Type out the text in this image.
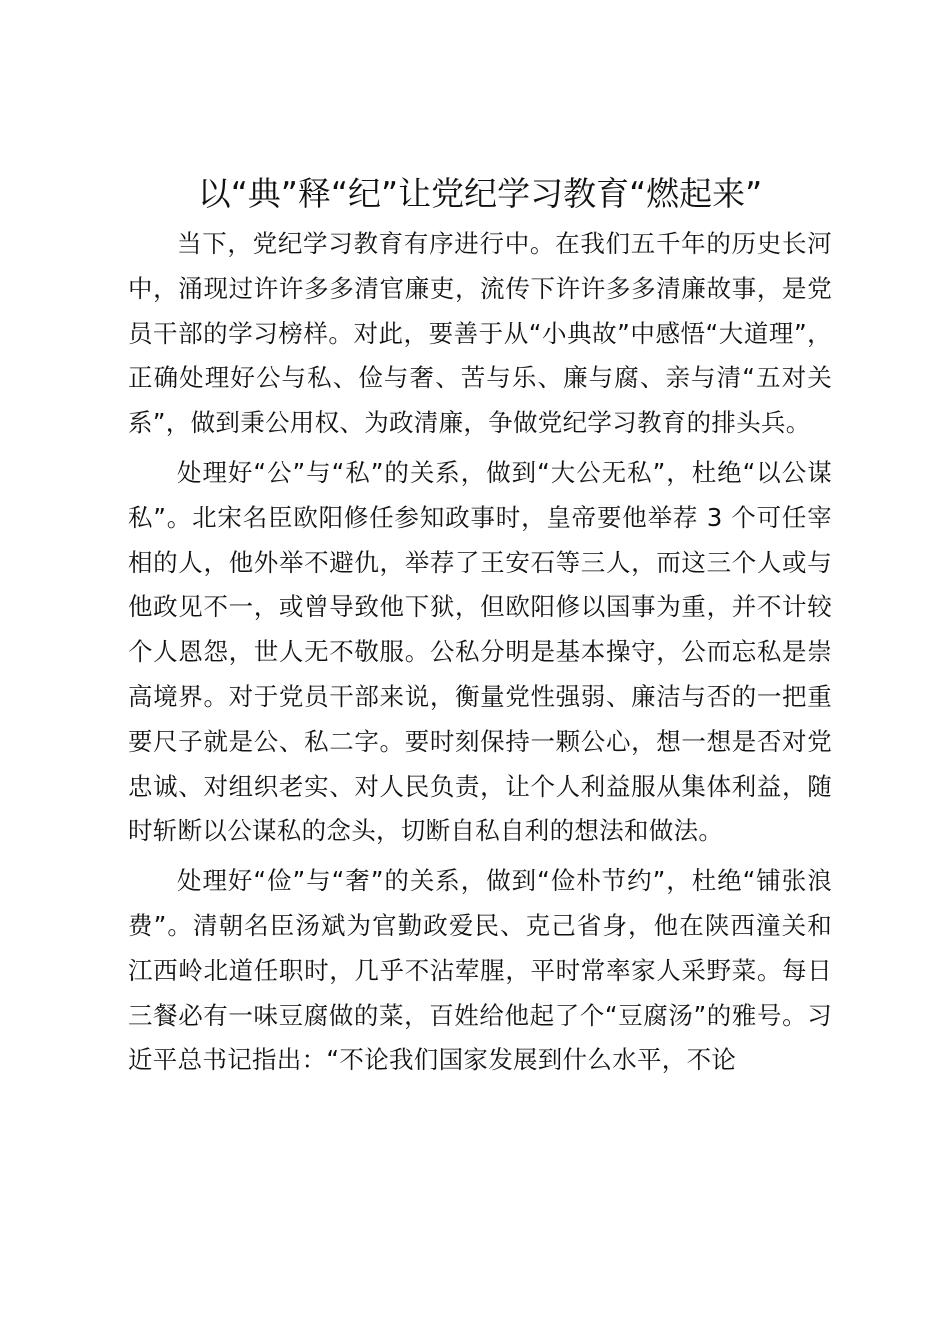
以“典”释“纪”让党纪学习教育“燃起来”

当下，党纪学习教育有序进行中。在我们五千年的历史长河中，涌现过许许多多清官廉吏，流传下许许多多清廉故事，是党员干部的学习榜样。对此，要善于从“小典故”中感悟“大道理”，正确处理好公与私、俭与奢、苦与乐、廉与腐、亲与清“五对关系”，做到秉公用权、为政清廉，争做党纪学习教育的排头兵。

处理好“公”与“私”的关系，做到“大公无私”，杜绝“以公谋私”。北宋名臣欧阳修任参知政事时，皇帝要他举荐 3 个可任宰相的人，他外举不避仇，举荐了王安石等三人，而这三个人或与他政见不一，或曾导致他下狱，但欧阳修以国事为重，并不计较个人恩怨，世人无不敬服。公私分明是基本操守，公而忘私是崇高境界。对于党员干部来说，衡量党性强弱、廉洁与否的一把重要尺子就是公、私二字。要时刻保持一颗公心，想一想是否对党忠诚、对组织老实、对人民负责，让个人利益服从集体利益，随时斩断以公谋私的念头，切断自私自利的想法和做法。

处理好“俭”与“奢”的关系，做到“俭朴节约”，杜绝“铺张浪费”。清朝名臣汤斌为官勤政爱民、克己省身，他在陕西潼关和江西岭北道任职时，几乎不沾荤腥，平时常率家人采野菜。每日三餐必有一味豆腐做的菜，百姓给他起了个“豆腐汤”的雅号。习近平总书记指出：“不论我们国家发展到什么水平，不论
